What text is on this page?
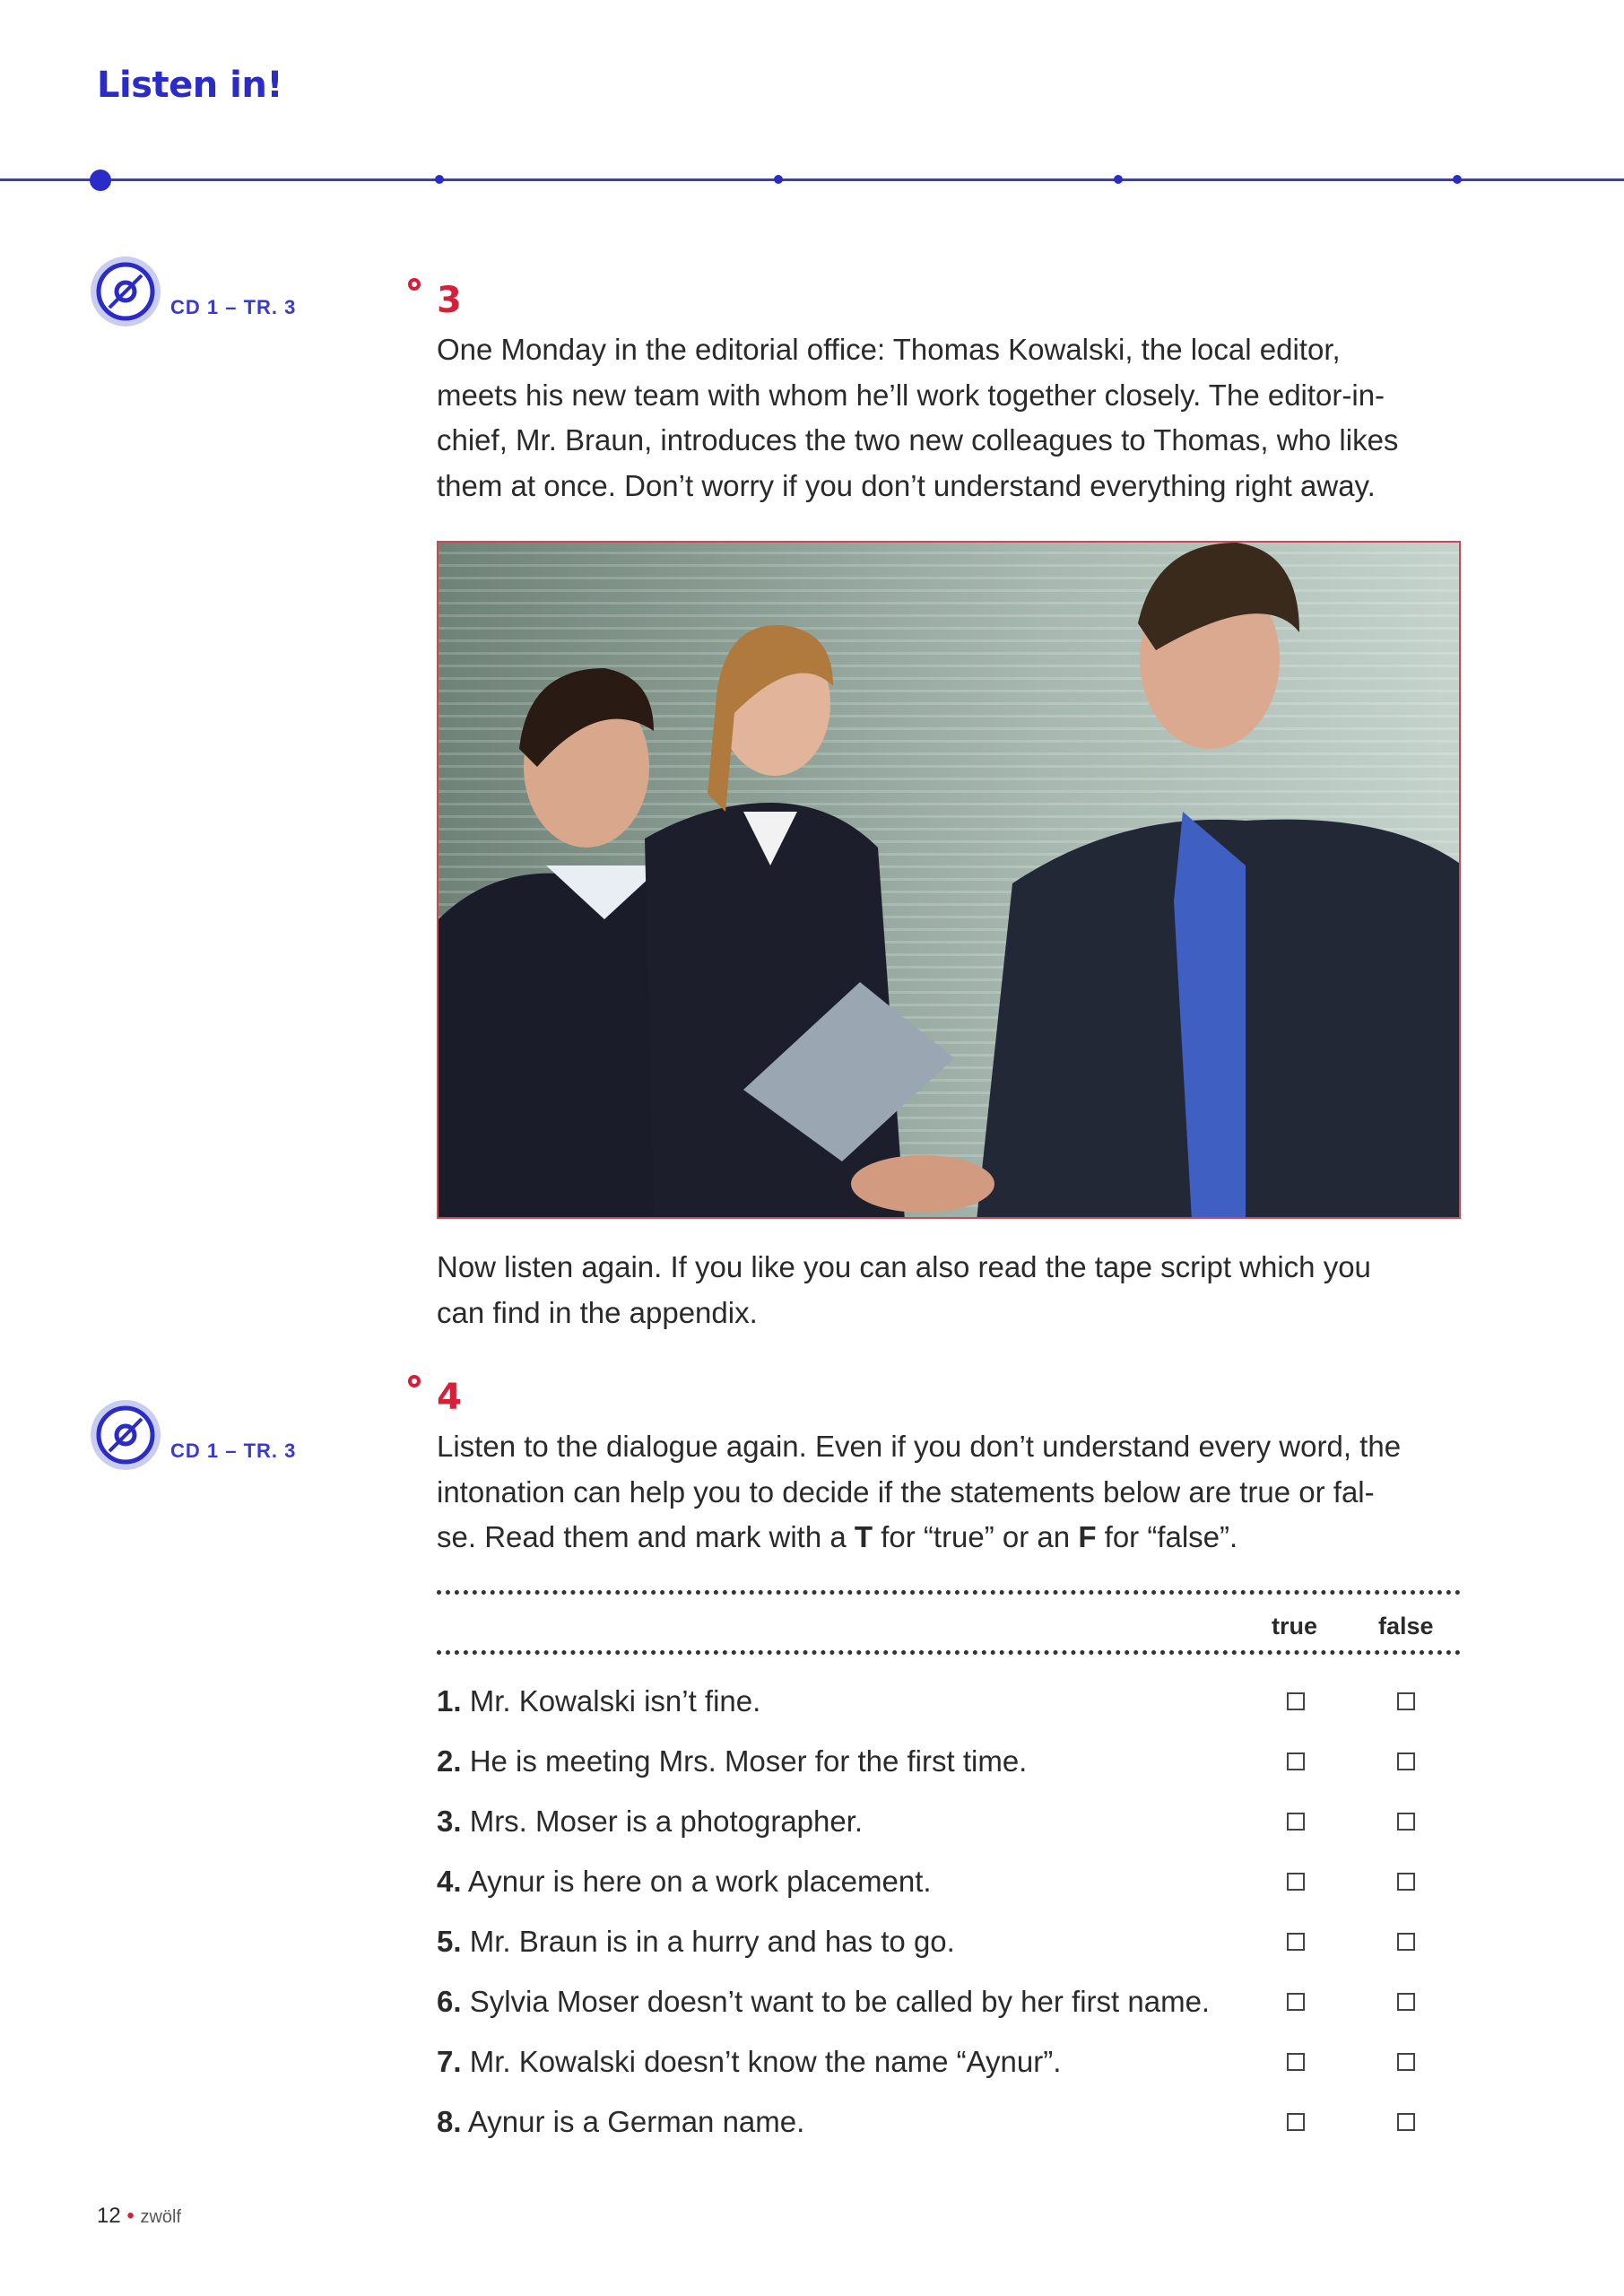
Listen in!
CD 1 – TR. 3	3
One Monday in the editorial office: Thomas Kowalski, the local editor,
meets his new team with whom he’ll work together closely. The editor-in-
chief, Mr. Braun, introduces the two new colleagues to Thomas, who likes
them at once. Don’t worry if you don’t understand everything right away.
Now listen again. If you like you can also read the tape script which you
can find in the appendix.
CD 1 – TR. 3
4
Listen to the dialogue again. Even if you don’t understand every word, the
intonation can help you to decide if the statements below are true or fal-
se. Read them and mark with a T for “true” or an F for “false”.
true	false
1. Mr. Kowalski isn’t fine.
2. He is meeting Mrs. Moser for the first time.
3. Mrs. Moser is a photographer.
4. Aynur is here on a work placement.
5. Mr. Braun is in a hurry and has to go.
6. Sylvia Moser doesn’t want to be called by her first name.
7. Mr. Kowalski doesn’t know the name “Aynur”.
8. Aynur is a German name.
12 • zwölf
